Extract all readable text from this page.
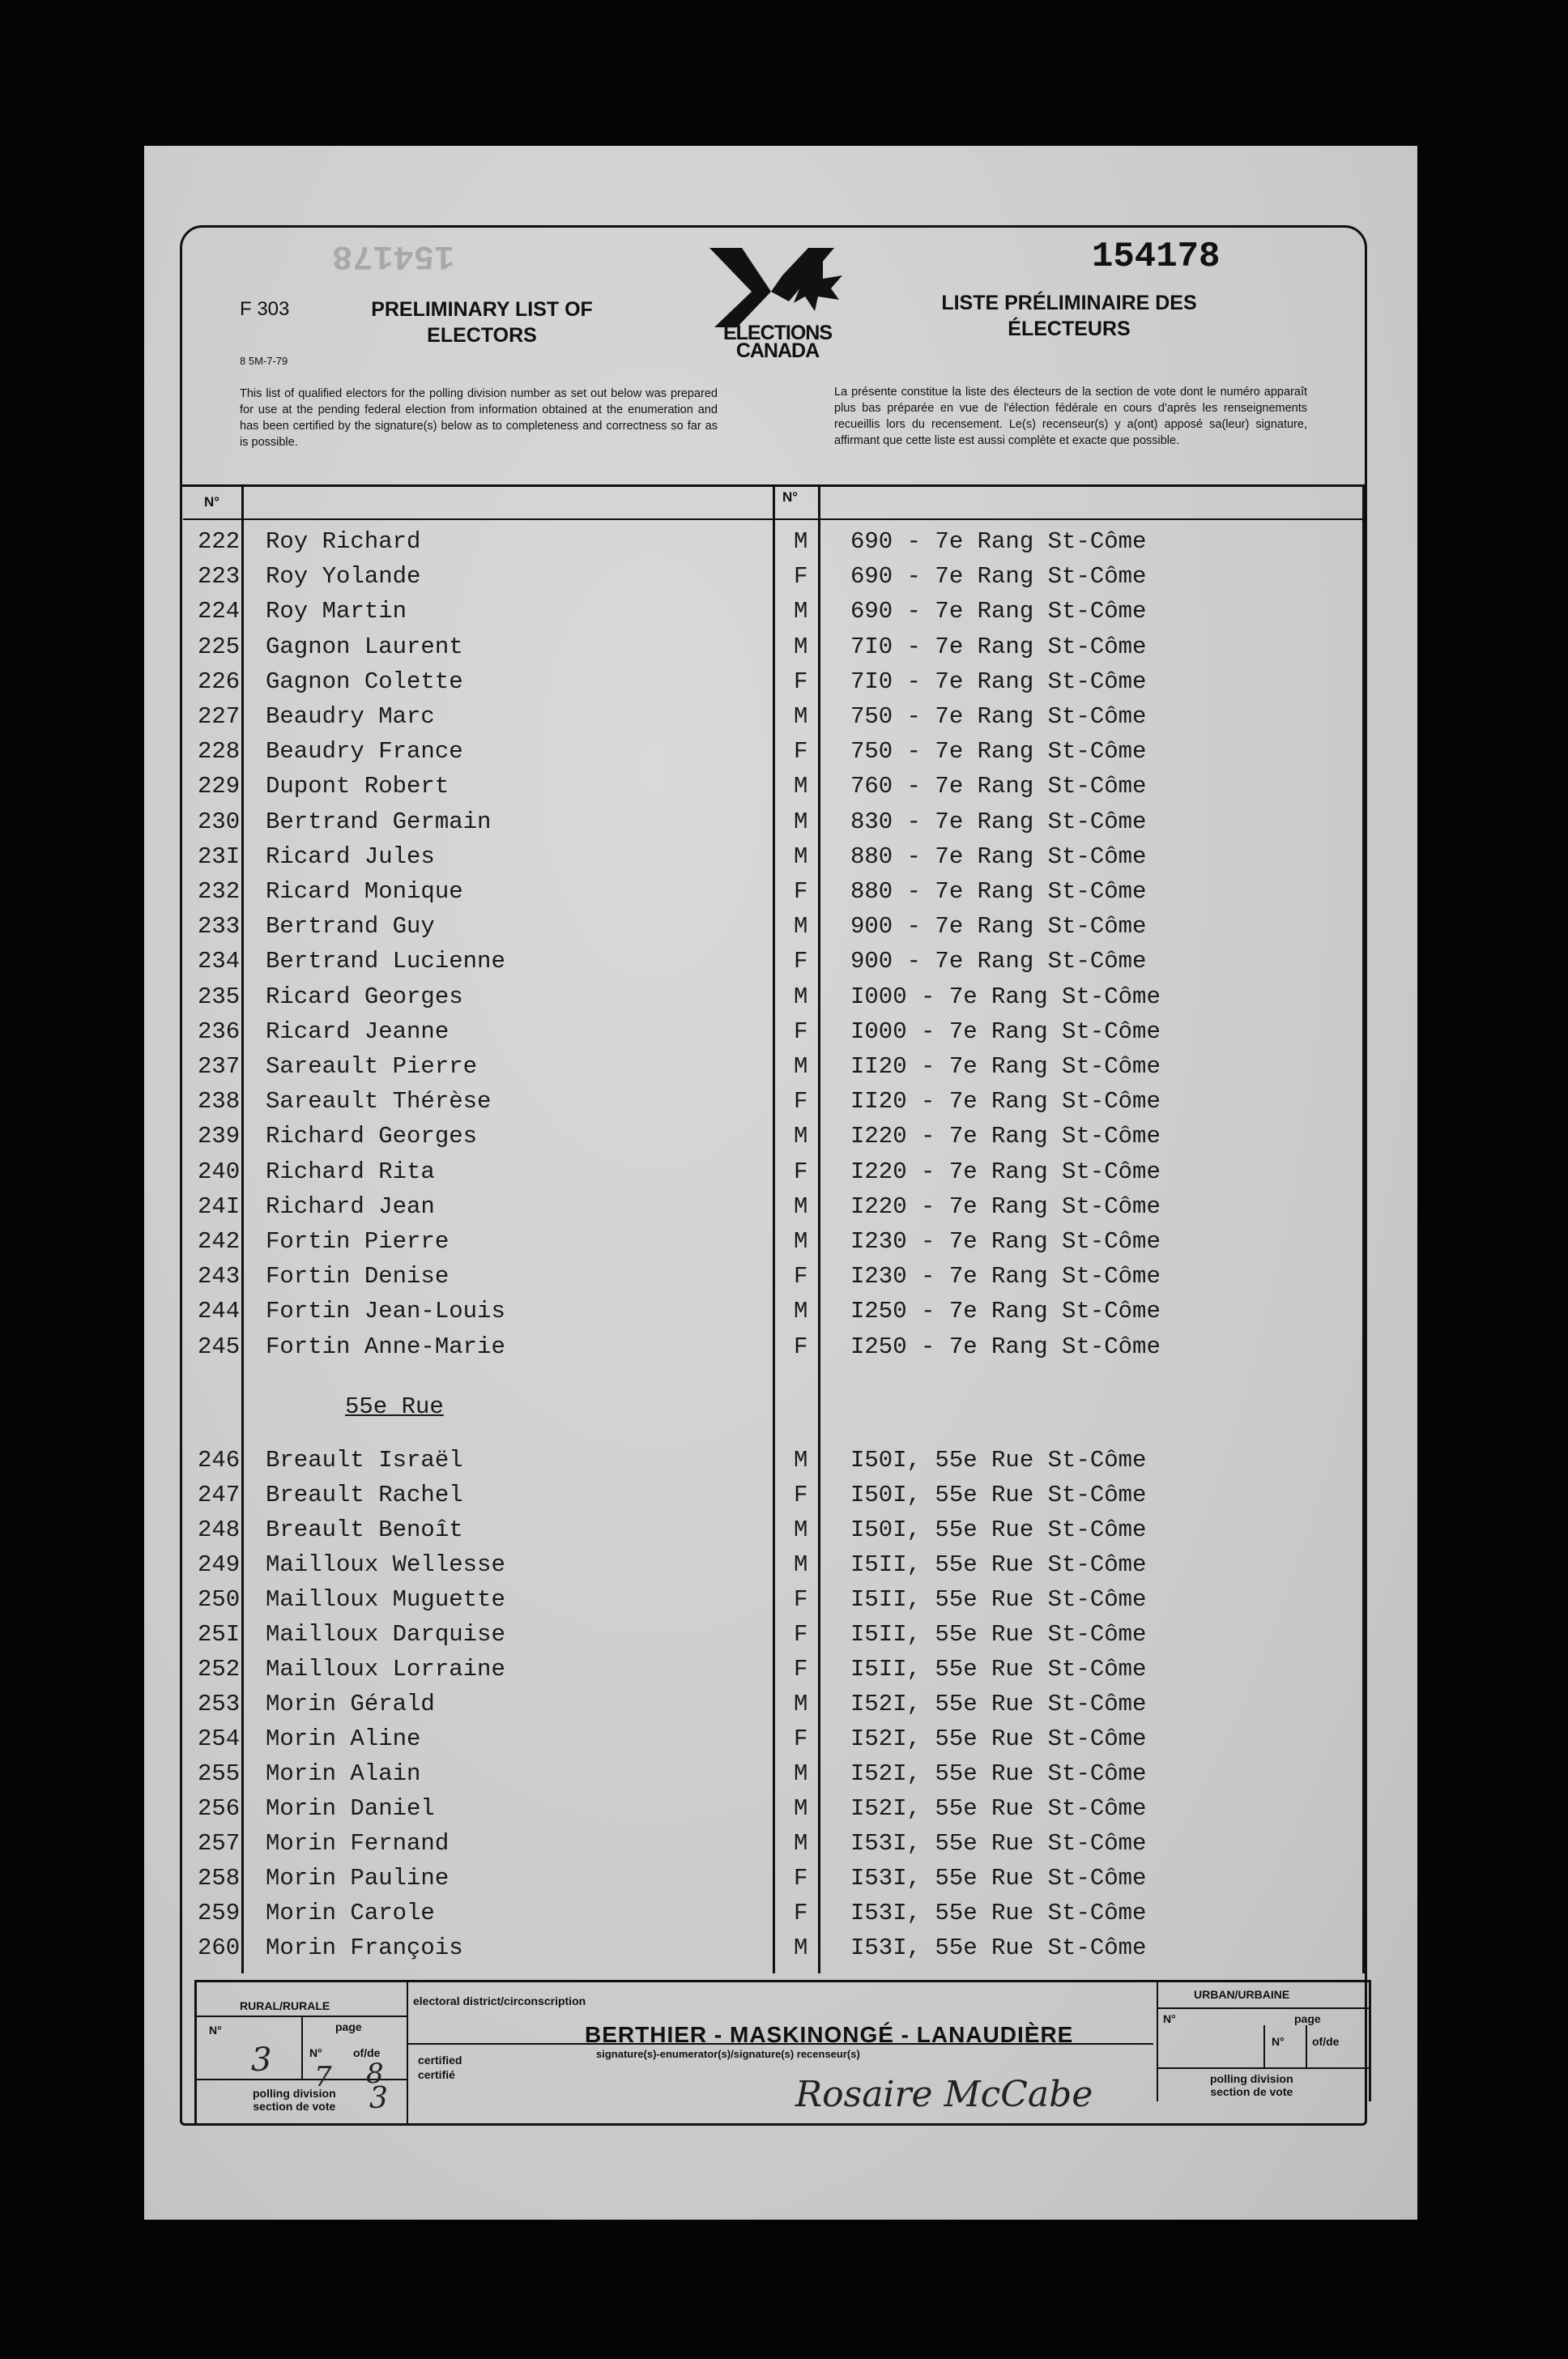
154178	154178
F 303
8 5M-7-79
PRELIMINARY LIST OF
ELECTORS
LISTE PRÉLIMINAIRE DES
ÉLECTEURS
ELECTIONS
CANADA
This list of qualified electors for the polling division number as set out below was prepared for use at the pending federal election from information obtained at the enumeration and has been certified by the signature(s) below as to completeness and correctness so far as is possible.
La présente constitue la liste des électeurs de la section de vote dont le numéro apparaît plus bas préparée en vue de l'élection fédérale en cours d'après les renseignements recueillis lors du recensement. Le(s) recenseur(s) y a(ont) apposé sa(leur) signature, affirmant que cette liste est aussi complète et exacte que possible.
N°	N°
222 Roy Richard	M 690 - 7e Rang St-Côme
223 Roy Yolande	F 690 - 7e Rang St-Côme
224 Roy Martin	M 690 - 7e Rang St-Côme
225 Gagnon Laurent	M 7I0 - 7e Rang St-Côme
226 Gagnon Colette	F 7I0 - 7e Rang St-Côme
227 Beaudry Marc	M 750 - 7e Rang St-Côme
228 Beaudry France	F 750 - 7e Rang St-Côme
229 Dupont Robert	M 760 - 7e Rang St-Côme
230 Bertrand Germain	M 830 - 7e Rang St-Côme
23I Ricard Jules	M 880 - 7e Rang St-Côme
232 Ricard Monique	F 880 - 7e Rang St-Côme
233 Bertrand Guy	M 900 - 7e Rang St-Côme
234 Bertrand Lucienne	F 900 - 7e Rang St-Côme
235 Ricard Georges	M I000 - 7e Rang St-Côme
236 Ricard Jeanne	F I000 - 7e Rang St-Côme
237 Sareault Pierre	M II20 - 7e Rang St-Côme
238 Sareault Thérèse	F II20 - 7e Rang St-Côme
239 Richard Georges	M I220 - 7e Rang St-Côme
240 Richard Rita	F I220 - 7e Rang St-Côme
24I Richard Jean	M I220 - 7e Rang St-Côme
242 Fortin Pierre	M I230 - 7e Rang St-Côme
243 Fortin Denise	F I230 - 7e Rang St-Côme
244 Fortin Jean-Louis	M I250 - 7e Rang St-Côme
245 Fortin Anne-Marie	F I250 - 7e Rang St-Côme
55e Rue
246 Breault Israël	M I50I, 55e Rue St-Côme
247 Breault Rachel	F I50I, 55e Rue St-Côme
248 Breault Benoît	M I50I, 55e Rue St-Côme
249 Mailloux Wellesse	M I5II, 55e Rue St-Côme
250 Mailloux Muguette	F I5II, 55e Rue St-Côme
25I Mailloux Darquise	F I5II, 55e Rue St-Côme
252 Mailloux Lorraine	F I5II, 55e Rue St-Côme
253 Morin Gérald	M I52I, 55e Rue St-Côme
254 Morin Aline	F I52I, 55e Rue St-Côme
255 Morin Alain	M I52I, 55e Rue St-Côme
256 Morin Daniel	M I52I, 55e Rue St-Côme
257 Morin Fernand	M I53I, 55e Rue St-Côme
258 Morin Pauline	F I53I, 55e Rue St-Côme
259 Morin Carole	F I53I, 55e Rue St-Côme
260 Morin François	M I53I, 55e Rue St-Côme
RURAL/RURALE
N°	page
N°	of/de
3 7 8
polling division
section de vote 3
electoral district/circonscription
BERTHIER - MASKINONGÉ - LANAUDIÈRE
certified
certifié
signature(s)-enumerator(s)/signature(s) recenseur(s)
Rosaire McCabe
URBAN/URBAINE
N°	page
N° of/de
polling division
section de vote
